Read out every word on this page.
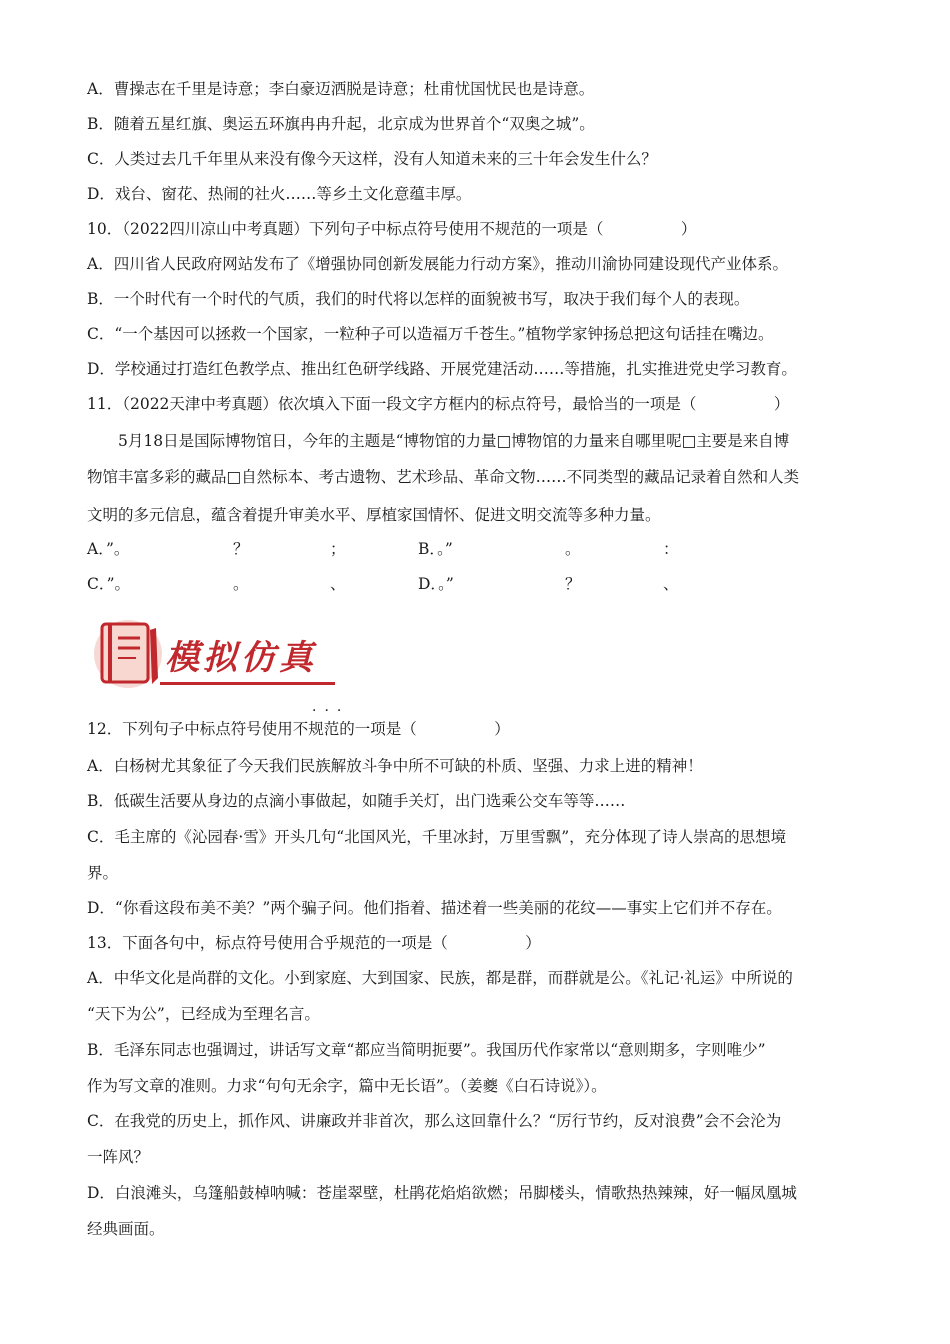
A．曹操志在千里是诗意；李白豪迈洒脱是诗意；杜甫忧国忧民也是诗意。
B．随着五星红旗、奥运五环旗冉冉升起，北京成为世界首个“双奥之城”。
C．人类过去几千年里从来没有像今天这样，没有人知道未来的三十年会发生什么？
D．戏台、窗花、热闹的社火……等乡土文化意蕴丰厚。
10．（2022四川凉山中考真题）下列句子中标点符号使用不规范的一项是（　　　　　）
A．四川省人民政府网站发布了《增强协同创新发展能力行动方案》，推动川渝协同建设现代产业体系。
B．一个时代有一个时代的气质，我们的时代将以怎样的面貌被书写，取决于我们每个人的表现。
C．“一个基因可以拯救一个国家，一粒种子可以造福万千苍生。”植物学家钟扬总把这句话挂在嘴边。
D．学校通过打造红色教学点、推出红色研学线路、开展党建活动……等措施，扎实推进党史学习教育。
11．（2022天津中考真题）依次填入下面一段文字方框内的标点符号，最恰当的一项是（　　　　　）
5月18日是国际博物馆日，今年的主题是“博物馆的力量□博物馆的力量来自哪里呢□主要是来自博
物馆丰富多彩的藏品□自然标本、考古遗物、艺术珍品、革命文物……不同类型的藏品记录着自然和人类
文明的多元信息，蕴含着提升审美水平、厚植家国情怀、促进文明交流等多种力量。
A．”。	？	；	B．。”	。	：
C．”。	。	、	D．。”	？	、
模拟仿真
···
12．下列句子中标点符号使用不规范的一项是（　　　　　）
A．白杨树尤其象征了今天我们民族解放斗争中所不可缺的朴质、坚强、力求上进的精神！
B．低碳生活要从身边的点滴小事做起，如随手关灯，出门选乘公交车等等……
C．毛主席的《沁园春·雪》开头几句“北国风光，千里冰封，万里雪飘”，充分体现了诗人崇高的思想境
界。
D．“你看这段布美不美？”两个骗子问。他们指着、描述着一些美丽的花纹——事实上它们并不存在。
13．下面各句中，标点符号使用合乎规范的一项是（　　　　　）
A．中华文化是尚群的文化。小到家庭、大到国家、民族，都是群，而群就是公。《礼记·礼运》中所说的
“天下为公”，已经成为至理名言。
B．毛泽东同志也强调过，讲话写文章“都应当简明扼要”。我国历代作家常以“意则期多，字则唯少”
作为写文章的准则。力求“句句无余字，篇中无长语”。（姜夔《白石诗说》）。
C．在我党的历史上，抓作风、讲廉政并非首次，那么这回靠什么？“厉行节约，反对浪费”会不会沦为
一阵风？
D．白浪滩头，乌篷船鼓棹呐喊：苍崖翠壁，杜鹃花焰焰欲燃；吊脚楼头，情歌热热辣辣，好一幅凤凰城
经典画面。
